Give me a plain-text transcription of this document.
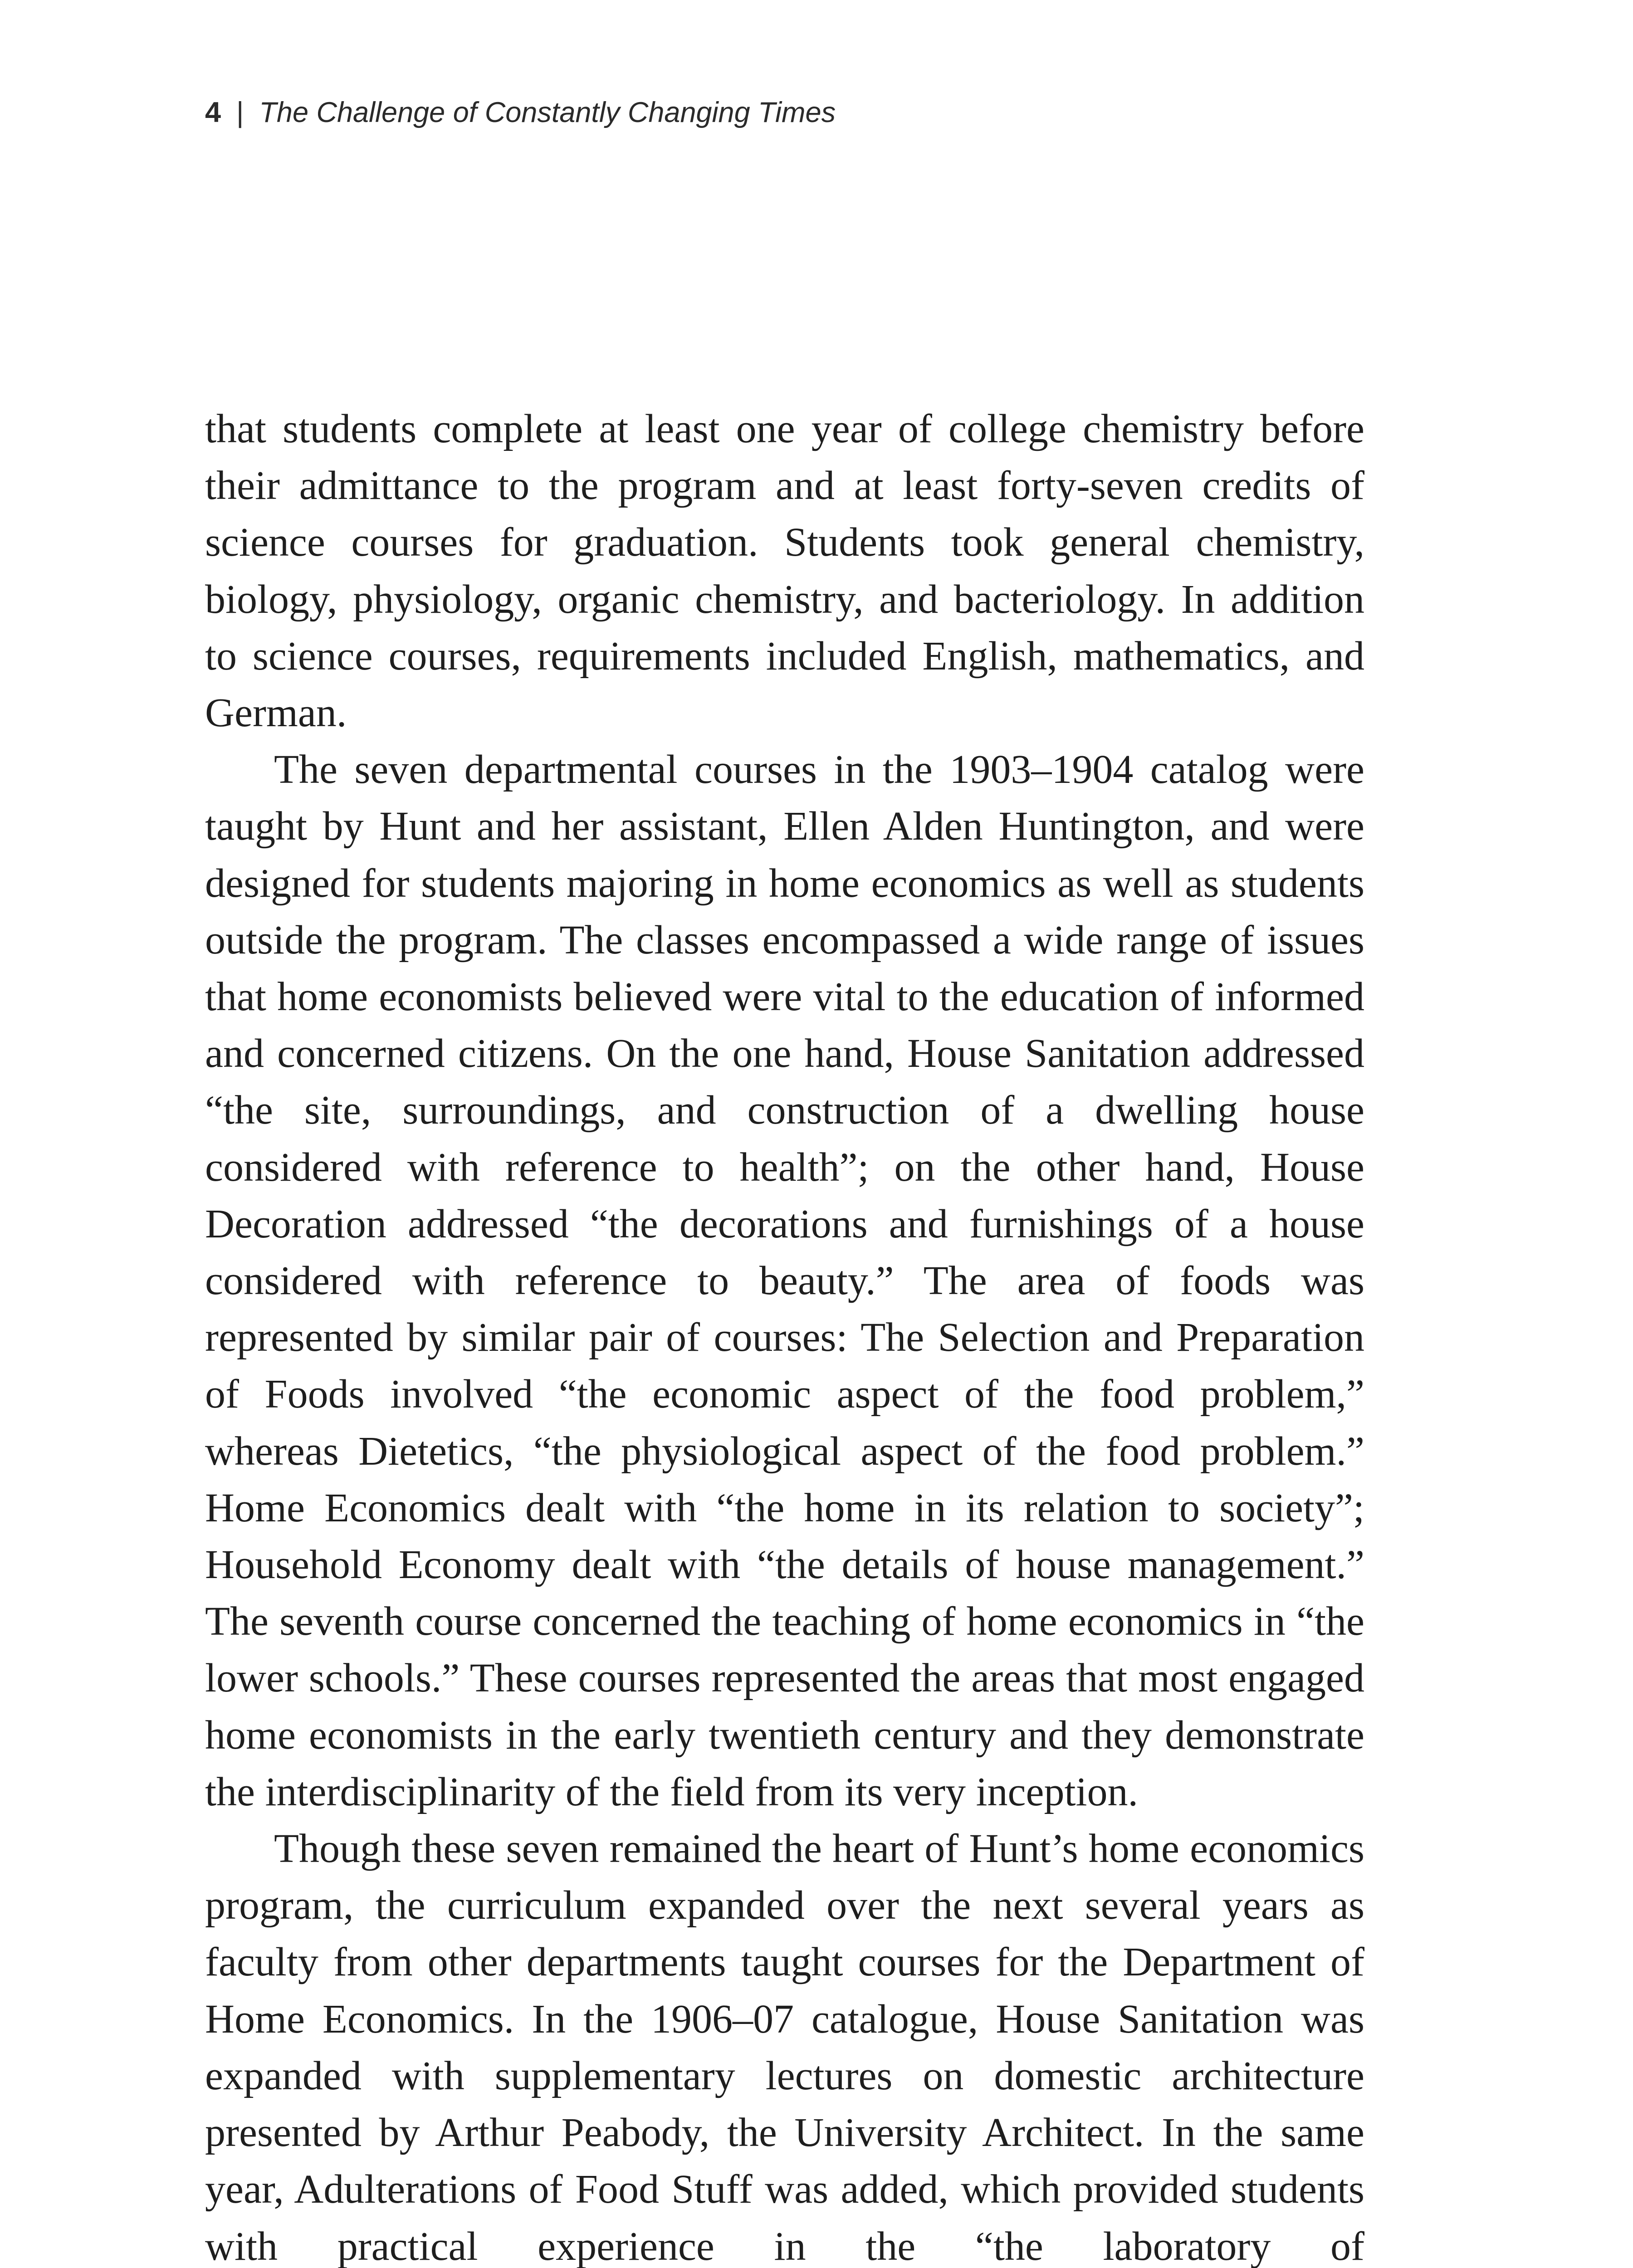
4 | The Challenge of Constantly Changing Times

that students complete at least one year of college chemistry before their admittance to the program and at least forty-seven credits of science courses for graduation. Students took general chemistry, biology, physiology, organic chemistry, and bacteriology. In addition to science courses, requirements included English, mathematics, and German.

The seven departmental courses in the 1903–1904 catalog were taught by Hunt and her assistant, Ellen Alden Huntington, and were designed for students majoring in home economics as well as students outside the program. The classes encompassed a wide range of issues that home economists believed were vital to the education of informed and concerned citizens. On the one hand, House Sanitation addressed “the site, surroundings, and construction of a dwelling house considered with reference to health”; on the other hand, House Decoration addressed “the decorations and furnishings of a house considered with reference to beauty.” The area of foods was represented by similar pair of courses: The Selection and Preparation of Foods involved “the economic aspect of the food problem,” whereas Dietetics, “the physiological aspect of the food problem.” Home Economics dealt with “the home in its relation to society”; Household Economy dealt with “the details of house management.” The seventh course concerned the teaching of home economics in “the lower schools.” These courses represented the areas that most engaged home economists in the early twentieth century and they demonstrate the interdisciplinarity of the field from its very inception.

Though these seven remained the heart of Hunt’s home economics program, the curriculum expanded over the next several years as faculty from other departments taught courses for the Department of Home Economics. In the 1906–07 catalogue, House Sanitation was expanded with supplementary lectures on domestic architecture presented by Arthur Peabody, the University Architect. In the same year, Adulterations of Food Stuff was added, which provided students with practical experience in the “the laboratory of
